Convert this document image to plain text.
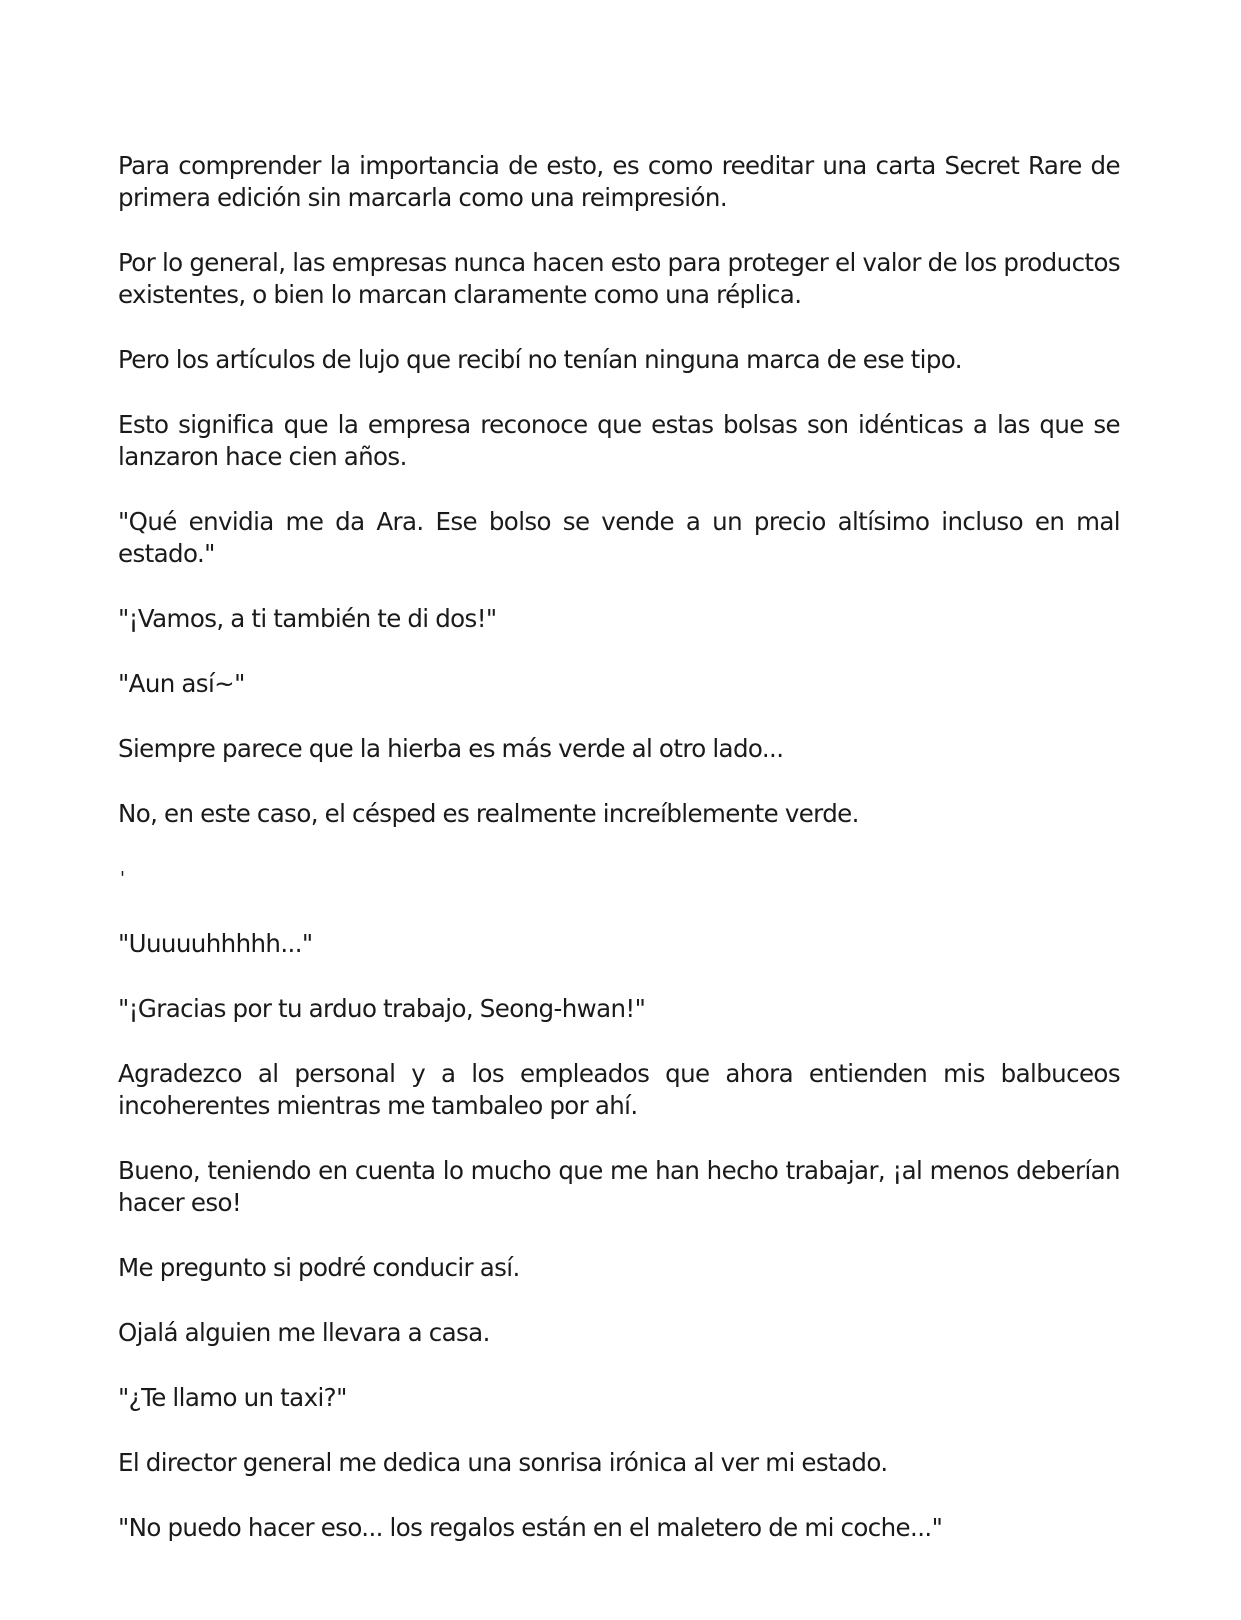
Para comprender la importancia de esto, es como reeditar una carta Secret Rare de primera edición sin marcarla como una reimpresión.

Por lo general, las empresas nunca hacen esto para proteger el valor de los productos existentes, o bien lo marcan claramente como una réplica.

Pero los artículos de lujo que recibí no tenían ninguna marca de ese tipo.

Esto significa que la empresa reconoce que estas bolsas son idénticas a las que se lanzaron hace cien años.

"Qué envidia me da Ara. Ese bolso se vende a un precio altísimo incluso en mal estado."

"¡Vamos, a ti también te di dos!"

"Aun así~"

Siempre parece que la hierba es más verde al otro lado...

No, en este caso, el césped es realmente increíblemente verde.

'

"Uuuuuhhhhh..."

"¡Gracias por tu arduo trabajo, Seong-hwan!"

Agradezco al personal y a los empleados que ahora entienden mis balbuceos incoherentes mientras me tambaleo por ahí.

Bueno, teniendo en cuenta lo mucho que me han hecho trabajar, ¡al menos deberían hacer eso!

Me pregunto si podré conducir así.

Ojalá alguien me llevara a casa.

"¿Te llamo un taxi?"

El director general me dedica una sonrisa irónica al ver mi estado.

"No puedo hacer eso... los regalos están en el maletero de mi coche..."
